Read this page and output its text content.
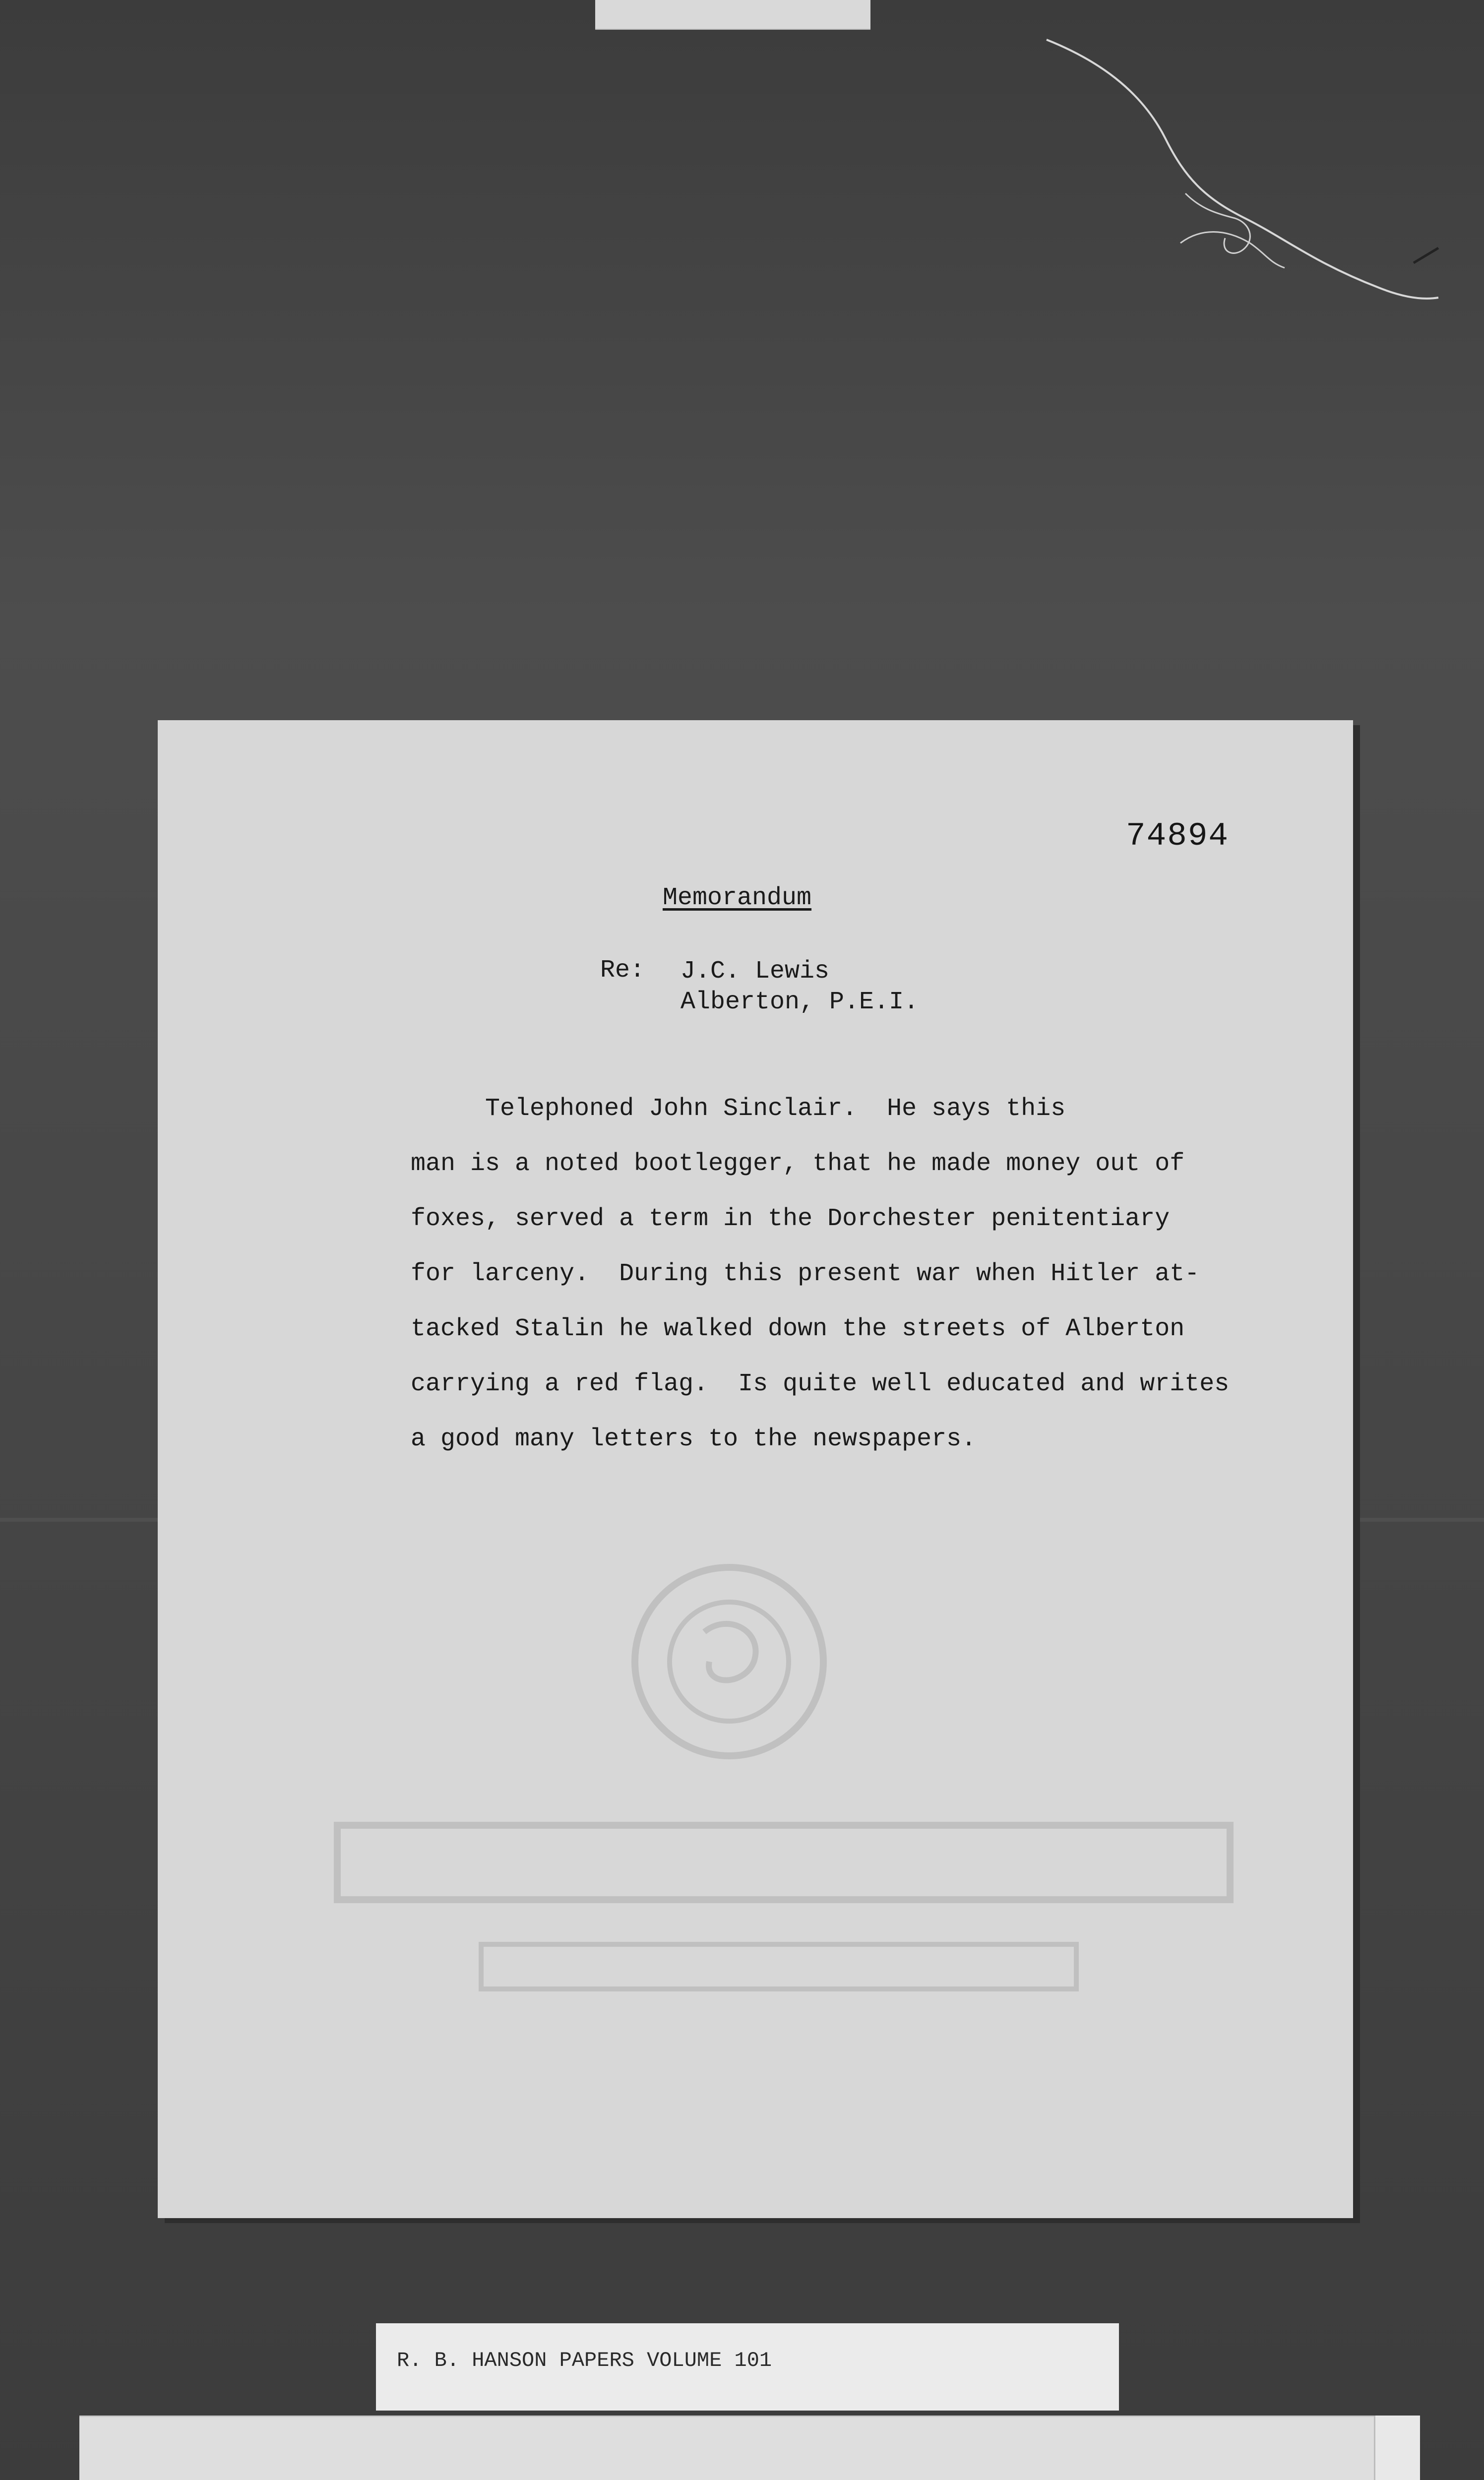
74894
Memorandum
Re: J.C. Lewis
Alberton, P.E.I.
Telephoned John Sinclair.  He says this
man is a noted bootlegger, that he made money out of
foxes, served a term in the Dorchester penitentiary
for larceny.  During this present war when Hitler at-
tacked Stalin he walked down the streets of Alberton
carrying a red flag.  Is quite well educated and writes
a good many letters to the newspapers.
R. B. HANSON PAPERS VOLUME 101
